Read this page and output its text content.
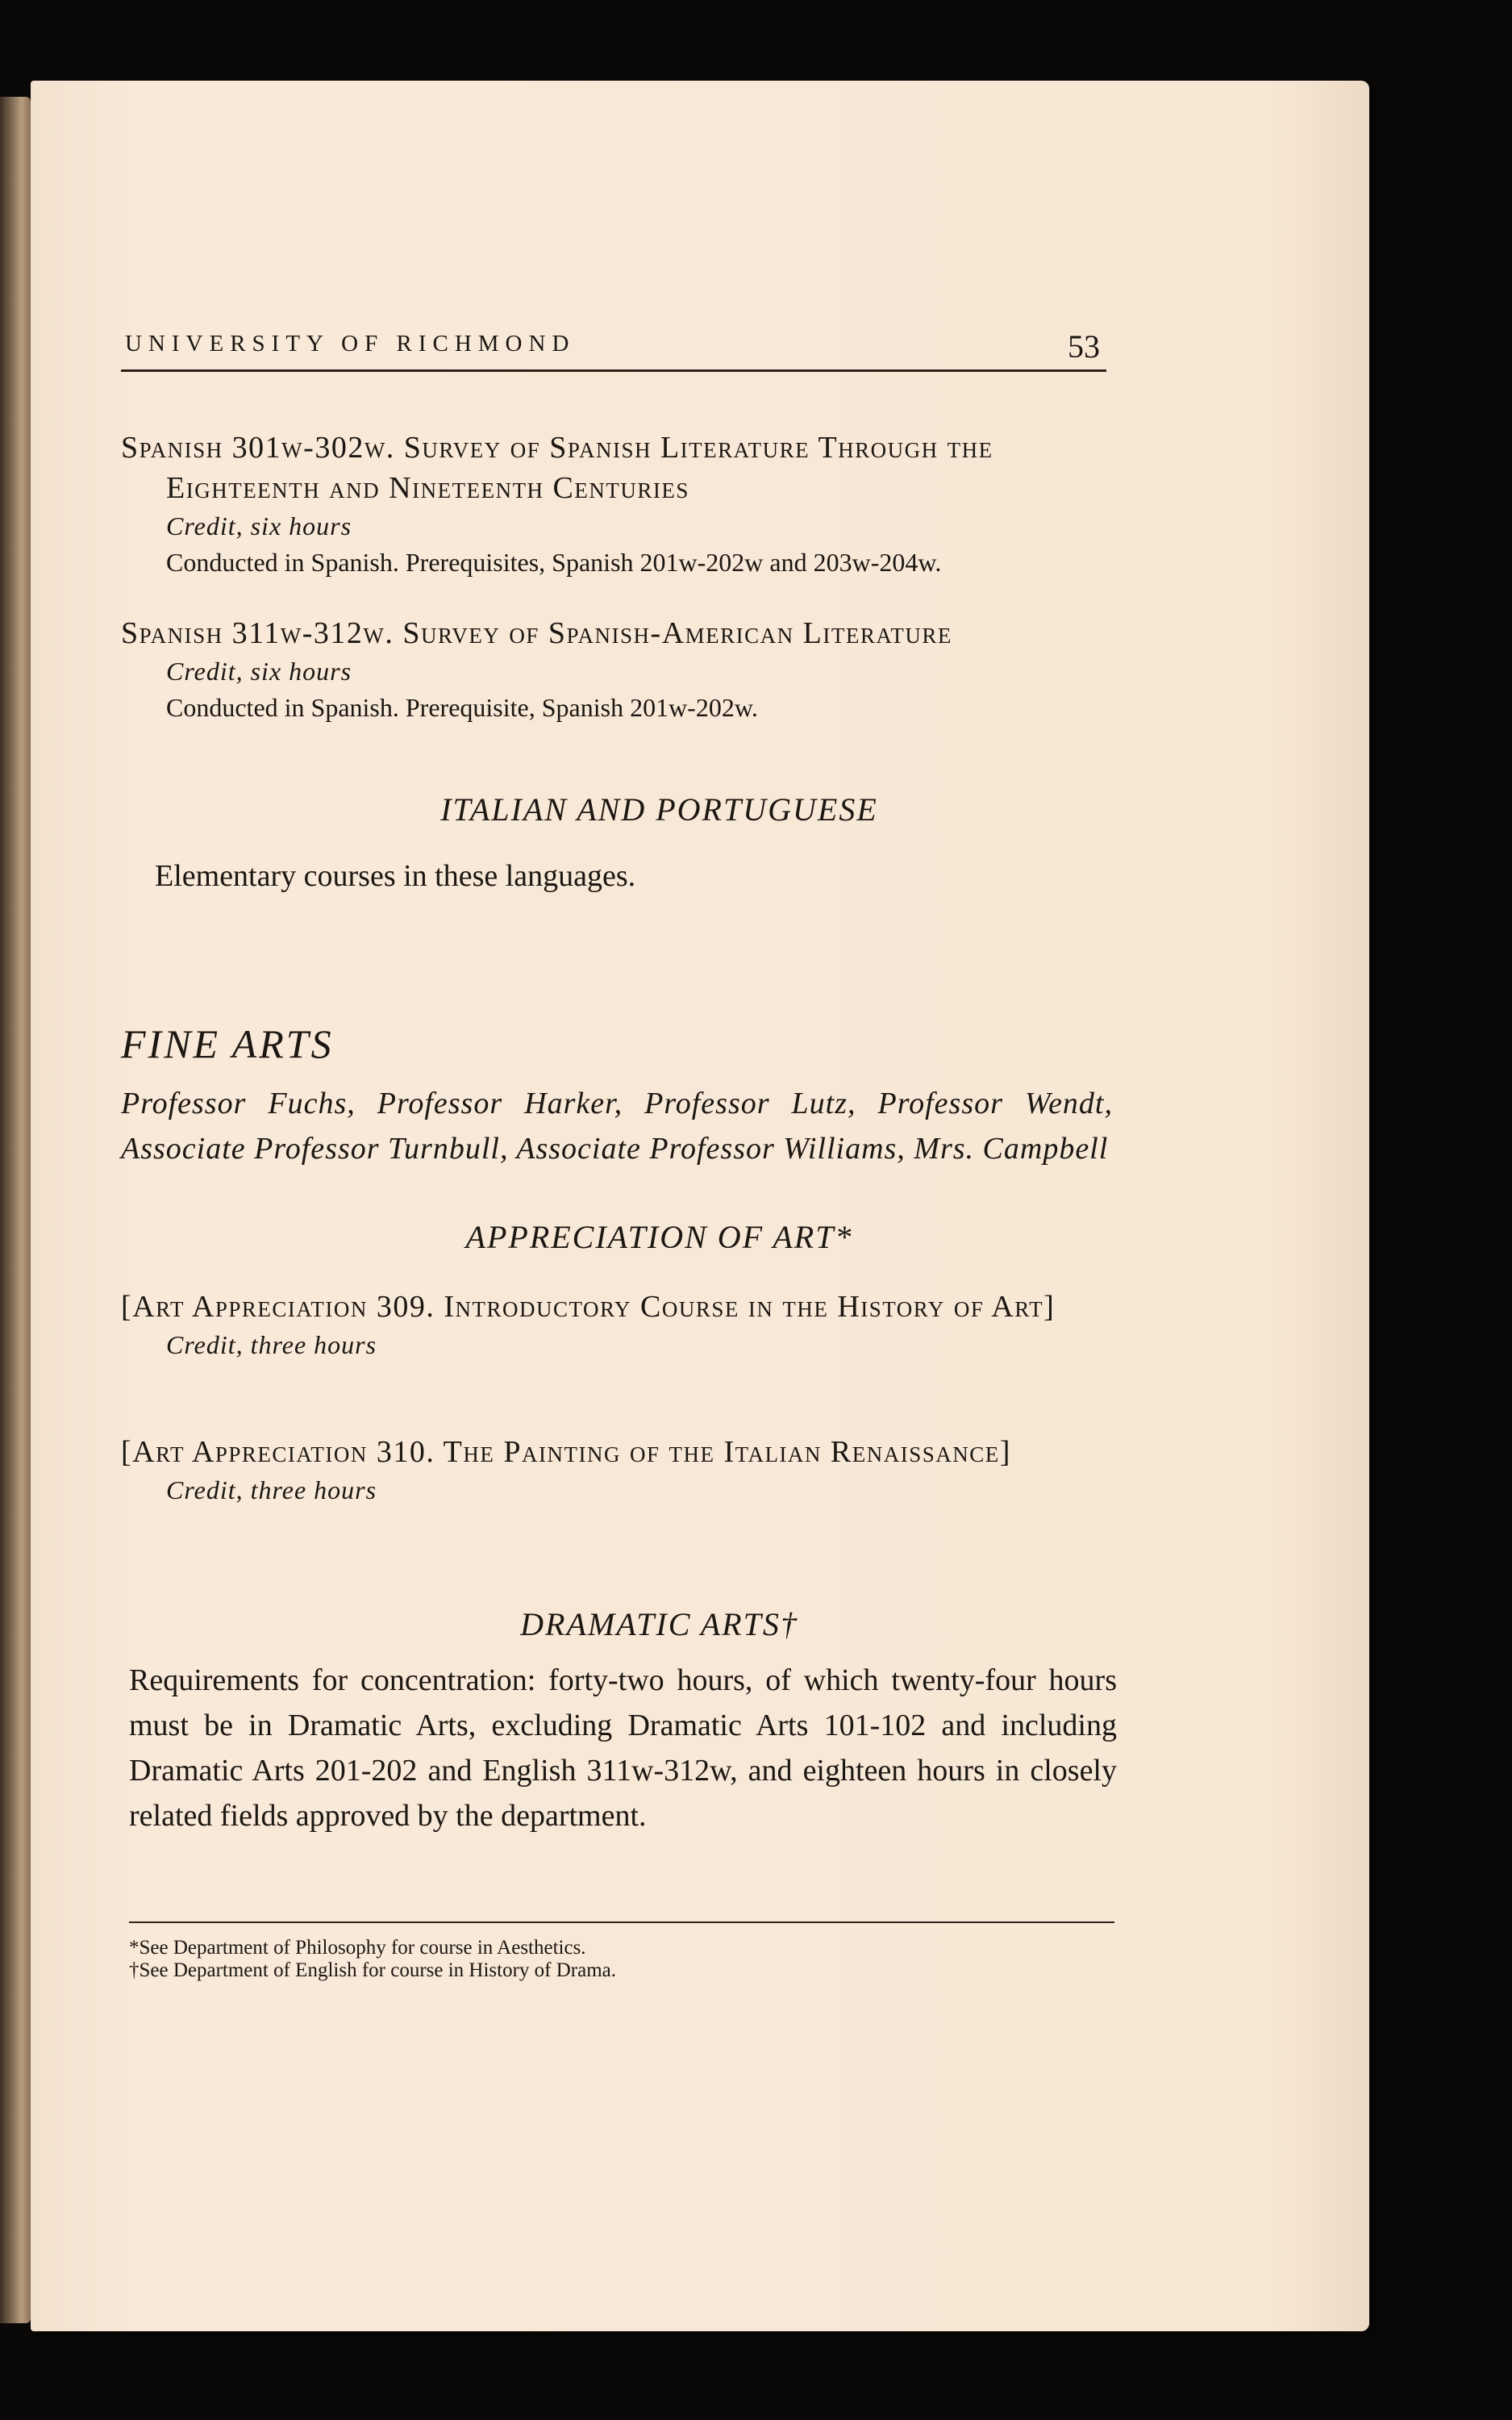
UNIVERSITY OF RICHMOND	53

Spanish 301w-302w. Survey of Spanish Literature Through the Eighteenth and Nineteenth Centuries

Credit, six hours

Conducted in Spanish. Prerequisites, Spanish 201w-202w and 203w-204w.

Spanish 311w-312w. Survey of Spanish-American Literature

Credit, six hours

Conducted in Spanish. Prerequisite, Spanish 201w-202w.

ITALIAN AND PORTUGUESE

Elementary courses in these languages.

FINE ARTS

Professor Fuchs, Professor Harker, Professor Lutz, Professor Wendt, Associate Professor Turnbull, Associate Professor Williams, Mrs. Campbell

APPRECIATION OF ART*

[Art Appreciation 309. Introductory Course in the History of Art]

Credit, three hours

[Art Appreciation 310. The Painting of the Italian Renaissance]

Credit, three hours

DRAMATIC ARTS†

Requirements for concentration: forty-two hours, of which twenty-four hours must be in Dramatic Arts, excluding Dramatic Arts 101-102 and including Dramatic Arts 201-202 and English 311w-312w, and eighteen hours in closely related fields approved by the department.

*See Department of Philosophy for course in Aesthetics.

†See Department of English for course in History of Drama.
